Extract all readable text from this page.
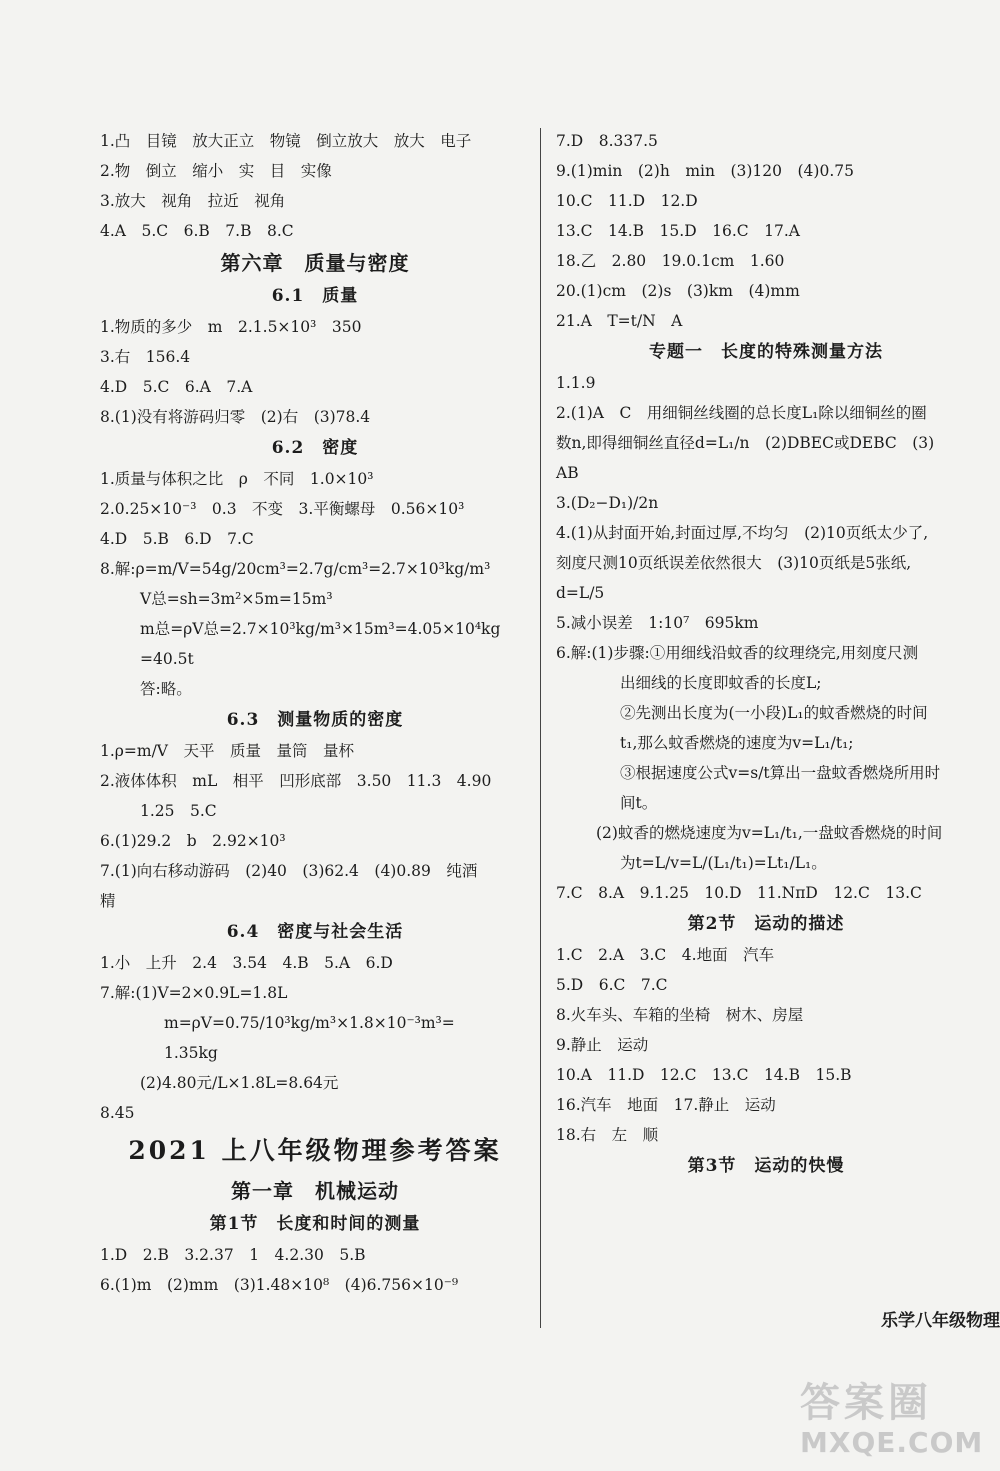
1.凸　目镜　放大正立　物镜　倒立放大　放大　电子
2.物　倒立　缩小　实　目　实像
3.放大　视角　拉近　视角
4.A　5.C　6.B　7.B　8.C
第六章　质量与密度
6.1　质量
1.物质的多少　m　2.1.5×10³　350
3.右　156.4
4.D　5.C　6.A　7.A
8.(1)没有将游码归零　(2)右　(3)78.4
6.2　密度
1.质量与体积之比　ρ　不同　1.0×10³
2.0.25×10⁻³　0.3　不变　3.平衡螺母　0.56×10³
4.D　5.B　6.D　7.C
8.解:ρ=m/V=54g/20cm³=2.7g/cm³=2.7×10³kg/m³
V总=sh=3m²×5m=15m³
m总=ρV总=2.7×10³kg/m³×15m³=4.05×10⁴kg
=40.5t
答:略。
6.3　测量物质的密度
1.ρ=m/V　天平　质量　量筒　量杯
2.液体体积　mL　相平　凹形底部　3.50　11.3　4.90
1.25　5.C
6.(1)29.2　b　2.92×10³
7.(1)向右移动游码　(2)40　(3)62.4　(4)0.89　纯酒
精
6.4　密度与社会生活
1.小　上升　2.4　3.54　4.B　5.A　6.D
7.解:(1)V=2×0.9L=1.8L
m=ρV=0.75/10³kg/m³×1.8×10⁻³m³=
1.35kg
(2)4.80元/L×1.8L=8.64元
8.45
2021 上八年级物理参考答案
第一章　机械运动
第1节　长度和时间的测量
1.D　2.B　3.2.37　1　4.2.30　5.B
6.(1)m　(2)mm　(3)1.48×10⁸　(4)6.756×10⁻⁹
7.D　8.337.5
9.(1)min　(2)h　min　(3)120　(4)0.75
10.C　11.D　12.D
13.C　14.B　15.D　16.C　17.A
18.乙　2.80　19.0.1cm　1.60
20.(1)cm　(2)s　(3)km　(4)mm
21.A　T=t/N　A
专题一　长度的特殊测量方法
1.1.9
2.(1)A　C　用细铜丝线圈的总长度L₁除以细铜丝的圈
数n,即得细铜丝直径d=L₁/n　(2)DBEC或DEBC　(3)
AB
3.(D₂−D₁)/2n
4.(1)从封面开始,封面过厚,不均匀　(2)10页纸太少了,
刻度尺测10页纸误差依然很大　(3)10页纸是5张纸,
d=L/5
5.减小误差　1:10⁷　695km
6.解:(1)步骤:①用细线沿蚊香的纹理绕完,用刻度尺测
出细线的长度即蚊香的长度L;
②先测出长度为(一小段)L₁的蚊香燃烧的时间
t₁,那么蚊香燃烧的速度为v=L₁/t₁;
③根据速度公式v=s/t算出一盘蚊香燃烧所用时
间t。
(2)蚊香的燃烧速度为v=L₁/t₁,一盘蚊香燃烧的时间
为t=L/v=L/(L₁/t₁)=Lt₁/L₁。
7.C　8.A　9.1.25　10.D　11.NπD　12.C　13.C
第2节　运动的描述
1.C　2.A　3.C　4.地面　汽车
5.D　6.C　7.C
8.火车头、车箱的坐椅　树木、房屋
9.静止　运动
10.A　11.D　12.C　13.C　14.B　15.B
16.汽车　地面　17.静止　运动
18.右　左　顺
第3节　运动的快慢
乐学八年级物理
答案圈
MXQE.COM
